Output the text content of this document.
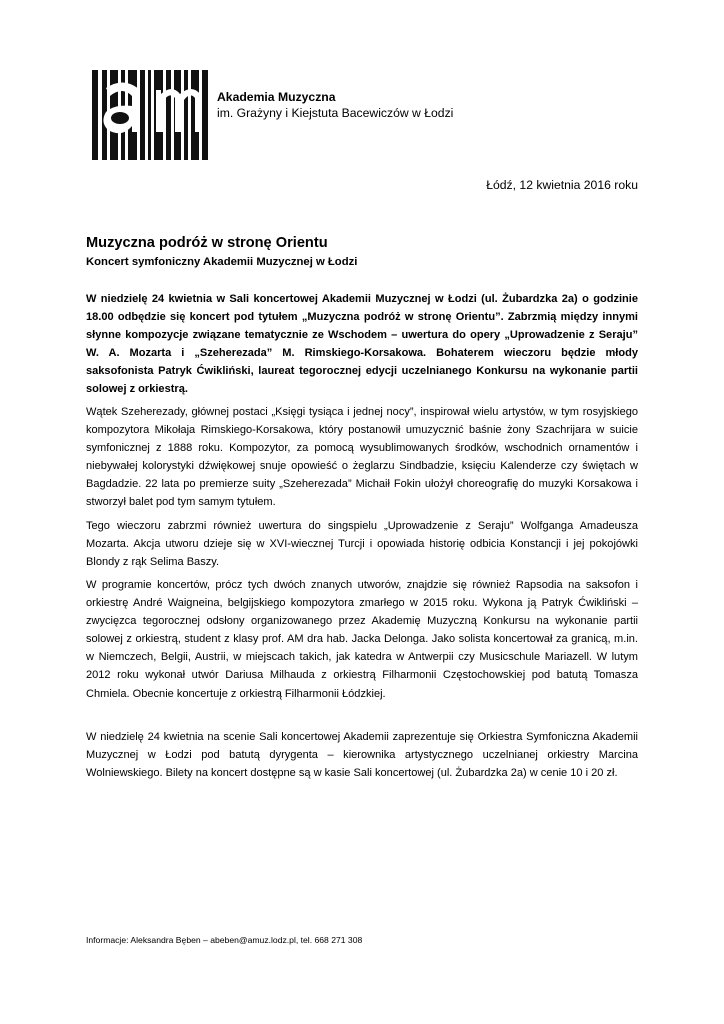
Akademia Muzyczna
im. Grażyny i Kiejstuta Bacewiczów w Łodzi
Łódź, 12 kwietnia 2016 roku
Muzyczna podróż w stronę Orientu
Koncert symfoniczny Akademii Muzycznej w Łodzi

W niedzielę 24 kwietnia w Sali koncertowej Akademii Muzycznej w Łodzi (ul. Żubardzka 2a) o godzinie 18.00 odbędzie się koncert pod tytułem „Muzyczna podróż w stronę Orientu”. Zabrzmią między innymi słynne kompozycje związane tematycznie ze Wschodem – uwertura do opery „Uprowadzenie z Seraju” W. A. Mozarta i „Szeherezada” M. Rimskiego-Korsakowa. Bohaterem wieczoru będzie młody saksofonista Patryk Ćwikliński, laureat tegorocznej edycji uczelnianego Konkursu na wykonanie partii solowej z orkiestrą.

Wątek Szeherezady, głównej postaci „Księgi tysiąca i jednej nocy”, inspirował wielu artystów, w tym rosyjskiego kompozytora Mikołaja Rimskiego-Korsakowa, który postanowił umuzycznić baśnie żony Szachrijara w suicie symfonicznej z 1888 roku. Kompozytor, za pomocą wysublimowanych środków, wschodnich ornamentów i niebywałej kolorystyki dźwiękowej snuje opowieść o żeglarzu Sindbadzie, księciu Kalenderze czy świętach w Bagdadzie. 22 lata po premierze suity „Szeherezada” Michaił Fokin ułożył choreografię do muzyki Korsakowa i stworzył balet pod tym samym tytułem.

Tego wieczoru zabrzmi również uwertura do singspielu „Uprowadzenie z Seraju” Wolfganga Amadeusza Mozarta. Akcja utworu dzieje się w XVI-wiecznej Turcji i opowiada historię odbicia Konstancji i jej pokojówki Blondy z rąk Selima Baszy.

W programie koncertów, prócz tych dwóch znanych utworów, znajdzie się również Rapsodia na saksofon i orkiestrę André Waigneina, belgijskiego kompozytora zmarłego w 2015 roku. Wykona ją Patryk Ćwikliński – zwycięzca tegorocznej odsłony organizowanego przez Akademię Muzyczną Konkursu na wykonanie partii solowej z orkiestrą, student z klasy prof. AM dra hab. Jacka Delonga. Jako solista koncertował za granicą, m.in. w Niemczech, Belgii, Austrii, w miejscach takich, jak katedra w Antwerpii czy Musicschule Mariazell. W lutym 2012 roku wykonał utwór Dariusa Milhauda z orkiestrą Filharmonii Częstochowskiej pod batutą Tomasza Chmiela. Obecnie koncertuje z orkiestrą Filharmonii Łódzkiej.

W niedzielę 24 kwietnia na scenie Sali koncertowej Akademii zaprezentuje się Orkiestra Symfoniczna Akademii Muzycznej w Łodzi pod batutą dyrygenta – kierownika artystycznego uczelnianej orkiestry Marcina Wolniewskiego. Bilety na koncert dostępne są w kasie Sali koncertowej (ul. Żubardzka 2a) w cenie 10 i 20 zł.

Informacje: Aleksandra Bęben – abeben@amuz.lodz.pl, tel. 668 271 308
